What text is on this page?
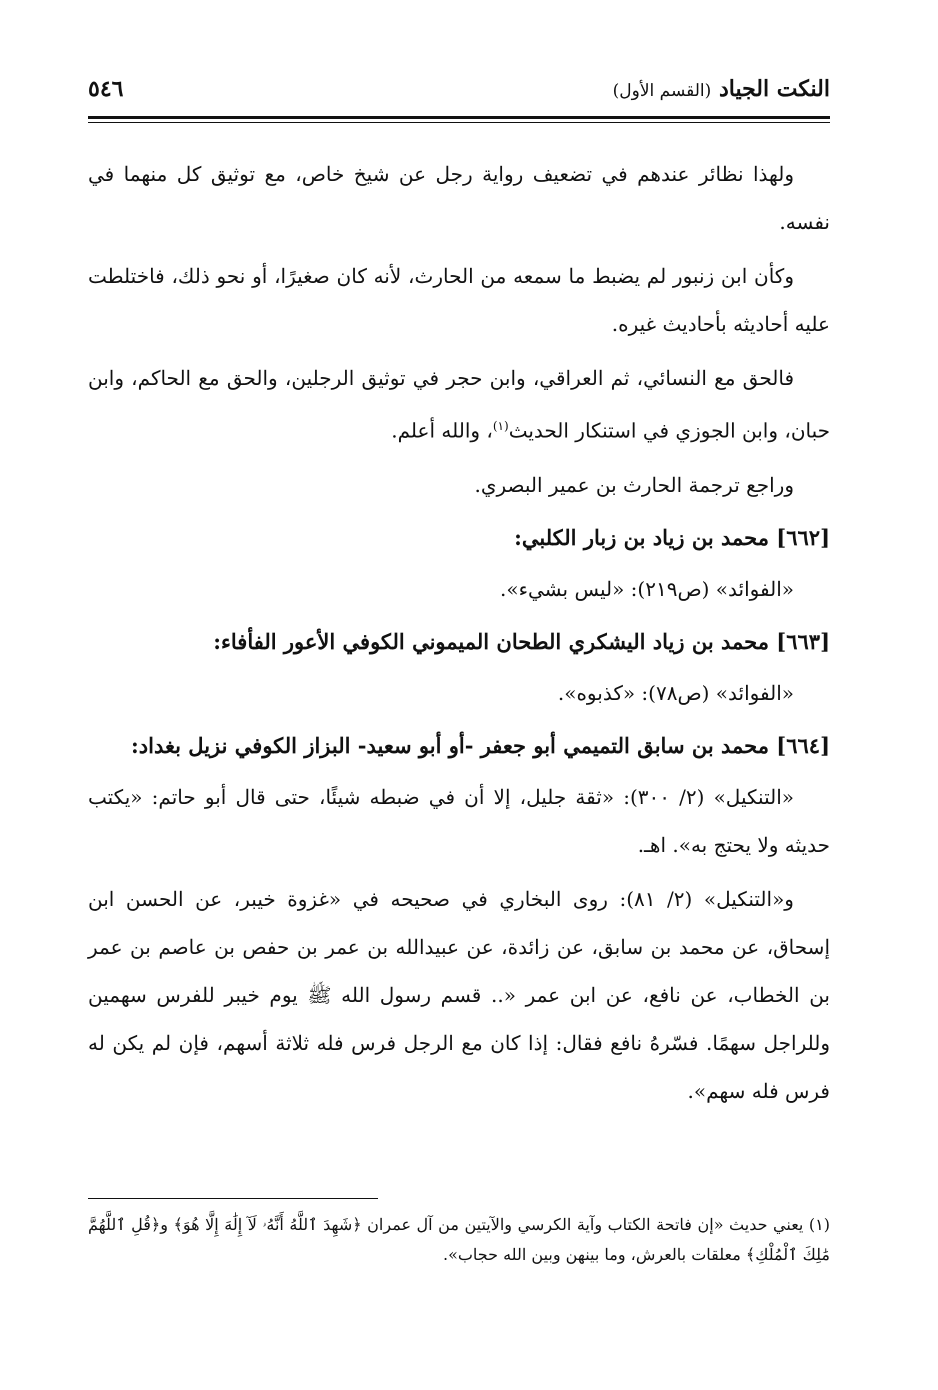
النكت الجياد (القسم الأول)
٥٤٦

ولهذا نظائر عندهم في تضعيف رواية رجل عن شيخ خاص، مع توثيق كل منهما في نفسه.

وكأن ابن زنبور لم يضبط ما سمعه من الحارث، لأنه كان صغيرًا، أو نحو ذلك، فاختلطت عليه أحاديثه بأحاديث غيره.

فالحق مع النسائي، ثم العراقي، وابن حجر في توثيق الرجلين، والحق مع الحاكم، وابن حبان، وابن الجوزي في استنكار الحديث$^{(١)}$، والله أعلم.

وراجع ترجمة الحارث بن عمير البصري.

[٦٦٢] محمد بن زياد بن زبار الكلبي:

«الفوائد» (ص٢١٩): «ليس بشيء».

[٦٦٣] محمد بن زياد اليشكري الطحان الميموني الكوفي الأعور الفأفاء:

«الفوائد» (ص٧٨): «كذبوه».

[٦٦٤] محمد بن سابق التميمي أبو جعفر -أو أبو سعيد- البزاز الكوفي نزيل بغداد:

«التنكيل» (٢/ ٣٠٠): «ثقة جليل، إلا أن في ضبطه شيئًا، حتى قال أبو حاتم: «يكتب حديثه ولا يحتج به». اهـ.

و«التنكيل» (٢/ ٨١): روى البخاري في صحيحه في «غزوة خيبر، عن الحسن ابن إسحاق، عن محمد بن سابق، عن زائدة، عن عبيدالله بن عمر بن حفص بن عاصم بن عمر بن الخطاب، عن نافع، عن ابن عمر «.. قسم رسول الله ﷺ يوم خيبر للفرس سهمين وللراجل سهمًا. فسّرهُ نافع فقال: إذا كان مع الرجل فرس فله ثلاثة أسهم، فإن لم يكن له فرس فله سهم».

(١) يعني حديث «إن فاتحة الكتاب وآية الكرسي والآيتين من آل عمران ﴿شَهِدَ ٱللَّهُ أَنَّهُۥ لَآ إِلَٰهَ إِلَّا هُوَ﴾ و﴿قُلِ ٱللَّهُمَّ مَٰلِكَ ٱلْمُلْكِ﴾ معلقات بالعرش، وما بينهن وبين الله حجاب».
